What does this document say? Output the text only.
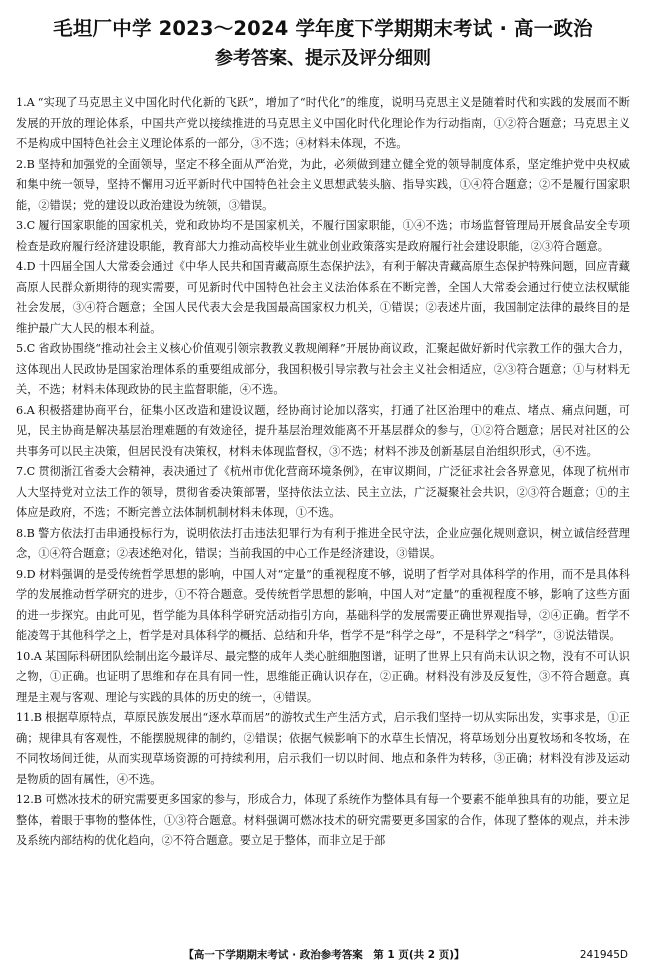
毛坦厂中学 2023～2024 学年度下学期期末考试 · 高一政治
参考答案、提示及评分细则

1.A “实现了马克思主义中国化时代化新的飞跃”，增加了“时代化”的维度，说明马克思主义是随着时代和实践的发展而不断发展的开放的理论体系，中国共产党以接续推进的马克思主义中国化时代化理论作为行动指南，①②符合题意；马克思主义不是构成中国特色社会主义理论体系的一部分，③不选；④材料未体现，不选。

2.B 坚持和加强党的全面领导，坚定不移全面从严治党，为此，必须做到建立健全党的领导制度体系，坚定维护党中央权威和集中统一领导，坚持不懈用习近平新时代中国特色社会主义思想武装头脑、指导实践，①④符合题意；②不是履行国家职能，②错误；党的建设以政治建设为统领，③错误。

3.C 履行国家职能的国家机关，党和政协均不是国家机关，不履行国家职能，①④不选；市场监督管理局开展食品安全专项检查是政府履行经济建设职能，教育部大力推动高校毕业生就业创业政策落实是政府履行社会建设职能，②③符合题意。

4.D 十四届全国人大常委会通过《中华人民共和国青藏高原生态保护法》，有利于解决青藏高原生态保护特殊问题，回应青藏高原人民群众新期待的现实需要，可见新时代中国特色社会主义法治体系在不断完善，全国人大常委会通过行使立法权赋能社会发展，③④符合题意；全国人民代表大会是我国最高国家权力机关，①错误；②表述片面，我国制定法律的最终目的是维护最广大人民的根本利益。

5.C 省政协围绕“推动社会主义核心价值观引领宗教教义教规阐释”开展协商议政，汇聚起做好新时代宗教工作的强大合力，这体现出人民政协是国家治理体系的重要组成部分，我国积极引导宗教与社会主义社会相适应，②③符合题意；①与材料无关，不选；材料未体现政协的民主监督职能，④不选。

6.A 积极搭建协商平台，征集小区改造和建设议题，经协商讨论加以落实，打通了社区治理中的难点、堵点、痛点问题，可见，民主协商是解决基层治理难题的有效途径，提升基层治理效能离不开基层群众的参与，①②符合题意；居民对社区的公共事务可以民主决策，但居民没有决策权，材料未体现监督权，③不选；材料不涉及创新基层自治组织形式，④不选。

7.C 贯彻浙江省委大会精神，表决通过了《杭州市优化营商环境条例》，在审议期间，广泛征求社会各界意见，体现了杭州市人大坚持党对立法工作的领导，贯彻省委决策部署，坚持依法立法、民主立法，广泛凝聚社会共识，②③符合题意；①的主体应是政府，不选；不断完善立法体制机制材料未体现，①不选。

8.B 警方依法打击串通投标行为，说明依法打击违法犯罪行为有利于推进全民守法，企业应强化规则意识，树立诚信经营理念，①④符合题意；②表述绝对化，错误；当前我国的中心工作是经济建设，③错误。

9.D 材料强调的是受传统哲学思想的影响，中国人对“定量”的重视程度不够，说明了哲学对具体科学的作用，而不是具体科学的发展推动哲学研究的进步，①不符合题意。受传统哲学思想的影响，中国人对“定量”的重视程度不够，影响了这些方面的进一步探究。由此可见，哲学能为具体科学研究活动指引方向，基础科学的发展需要正确世界观指导，②④正确。哲学不能凌驾于其他科学之上，哲学是对具体科学的概括、总结和升华，哲学不是“科学之母”，不是科学之“科学”，③说法错误。

10.A 某国际科研团队绘制出迄今最详尽、最完整的成年人类心脏细胞图谱，证明了世界上只有尚未认识之物，没有不可认识之物，①正确。也证明了思维和存在具有同一性，思维能正确认识存在，②正确。材料没有涉及反复性，③不符合题意。真理是主观与客观、理论与实践的具体的历史的统一，④错误。

11.B 根据草原特点，草原民族发展出“逐水草而居”的游牧式生产生活方式，启示我们坚持一切从实际出发，实事求是，①正确；规律具有客观性，不能摆脱规律的制约，②错误；依据气候影响下的水草生长情况，将草场划分出夏牧场和冬牧场，在不同牧场间迁徙，从而实现草场资源的可持续利用，启示我们一切以时间、地点和条件为转移，③正确；材料没有涉及运动是物质的固有属性，④不选。

12.B 可燃冰技术的研究需要更多国家的参与，形成合力，体现了系统作为整体具有每一个要素不能单独具有的功能，要立足整体，着眼于事物的整体性，①③符合题意。材料强调可燃冰技术的研究需要更多国家的合作，体现了整体的观点，并未涉及系统内部结构的优化趋向，②不符合题意。要立足于整体，而非立足于部

【高一下学期期末考试 · 政治参考答案　第 1 页(共 2 页)】	241945D
